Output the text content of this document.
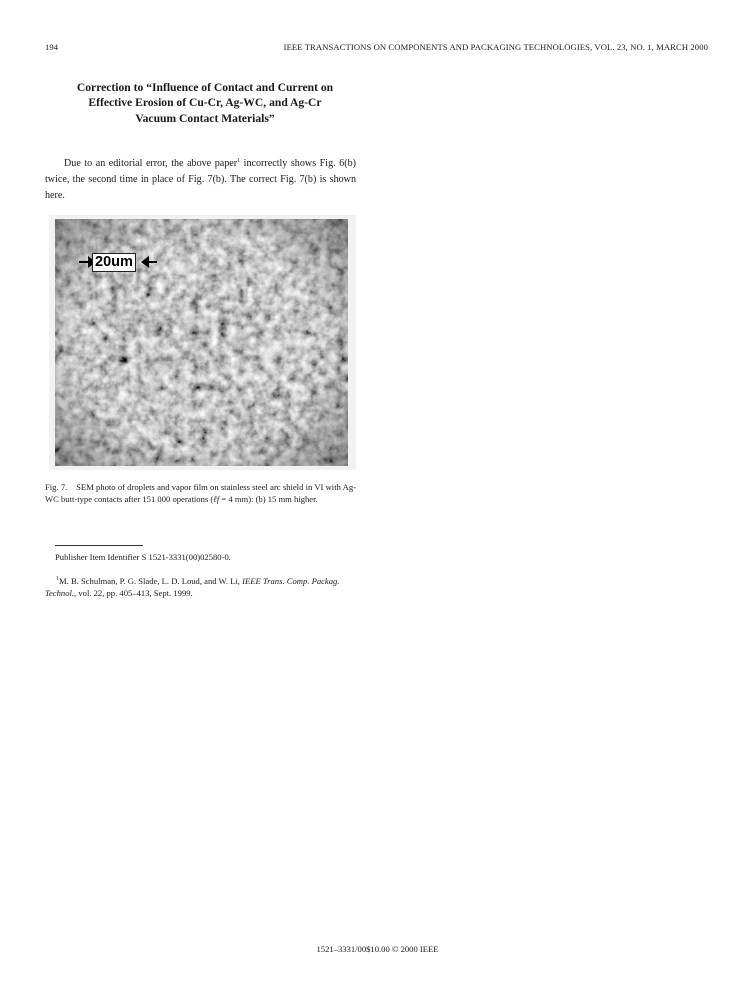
194	IEEE TRANSACTIONS ON COMPONENTS AND PACKAGING TECHNOLOGIES, VOL. 23, NO. 1, MARCH 2000
Correction to “Influence of Contact and Current on
Effective Erosion of Cu-Cr, Ag-WC, and Ag-Cr
Vacuum Contact Materials”
Due to an editorial error, the above paper$^1$ incorrectly shows Fig. 6(b) twice, the second time in place of Fig. 7(b). The correct Fig. 7(b) is shown here.
20um
Fig. 7. SEM photo of droplets and vapor film on stainless steel arc shield in VI with Ag-WC butt-type contacts after 151 000 operations (ℓf = 4 mm): (b) 15 mm higher.
Publisher Item Identifier S 1521-3331(00)02580-0.
$^1$M. B. Schulman, P. G. Slade, L. D. Loud, and W. Li, IEEE Trans. Comp. Packag. Technol., vol. 22, pp. 405–413, Sept. 1999.
1521–3331/00$10.00 © 2000 IEEE
